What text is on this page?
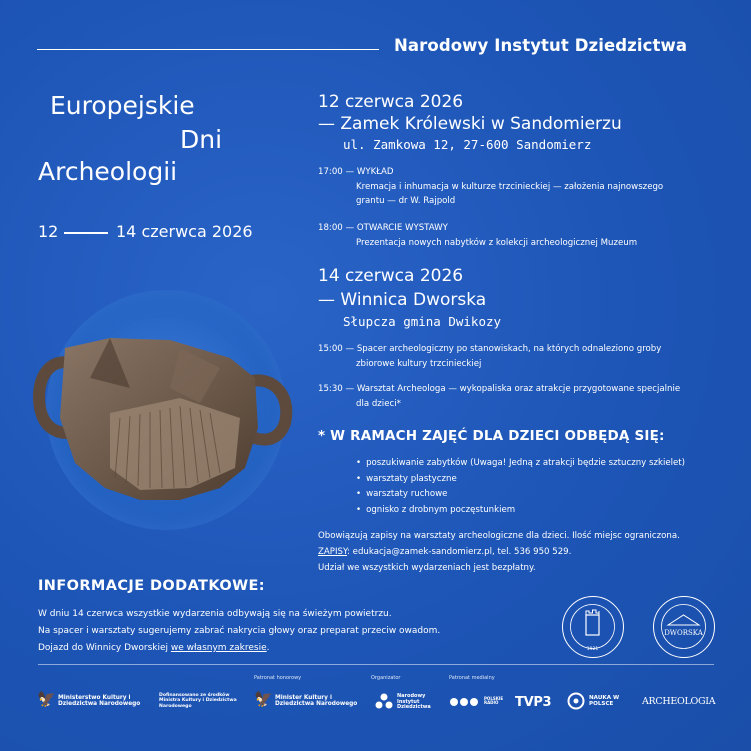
Narodowy Instytut Dziedzictwa
Europejskie
Dni
Archeologii
12	14 czerwca 2026
12 czerwca 2026
— Zamek Królewski w Sandomierzu
ul. Zamkowa 12, 27-600 Sandomierz
17:00 — WYKŁAD
Kremacja i inhumacja w kulturze trzcinieckiej — założenia najnowszego
grantu — dr W. Rajpold
18:00 — OTWARCIE WYSTAWY
Prezentacja nowych nabytków z kolekcji archeologicznej Muzeum
14 czerwca 2026
— Winnica Dworska
Słupcza gmina Dwikozy
15:00 — Spacer archeologiczny po stanowiskach, na których odnaleziono groby
zbiorowe kultury trzcinieckiej
15:30 — Warsztat Archeologa — wykopaliska oraz atrakcje przygotowane specjalnie
dla dzieci*
* W RAMACH ZAJĘĆ DLA DZIECI ODBĘDĄ SIĘ:
• poszukiwanie zabytków (Uwaga! Jedną z atrakcji będzie sztuczny szkielet)
• warsztaty plastyczne
• warsztaty ruchowe
• ognisko z drobnym poczęstunkiem
Obowiązują zapisy na warsztaty archeologiczne dla dzieci. Ilość miejsc ograniczona.
ZAPISY: edukacja@zamek-sandomierz.pl, tel. 536 950 529.
Udział we wszystkich wydarzeniach jest bezpłatny.
INFORMACJE DODATKOWE:
W dniu 14 czerwca wszystkie wydarzenia odbywają się na świeżym powietrzu.
Na spacer i warsztaty sugerujemy zabrać nakrycia głowy oraz preparat przeciw owadom.
Dojazd do Winnicy Dworskiej we własnym zakresie.	1921
DWORSKA
Patronat honorowy	Organizator	Patronat medialny
🦅 Ministerstwo Kultury i Dziedzictwa Narodowego
Dofinansowano ze środków Ministra Kultury i Dziedzictwa Narodowego	🦅 Minister Kultury i Dziedzictwa Narodowego
Narodowy Instytut Dziedzictwa
POLSKIE RADIO	TVP3	NAUKA W POLSCE	ARCHEOLOGIA
